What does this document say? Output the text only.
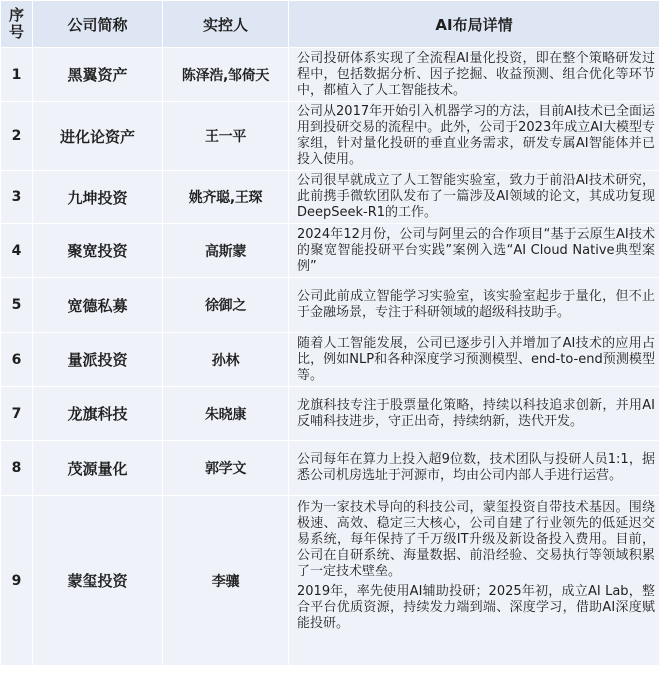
序号	公司简称	实控人	AI布局详情
1	黑翼资产	陈泽浩,邹倚天	公司投研体系实现了全流程AI量化投资，即在整个策略研发过程中，包括数据分析、因子挖掘、收益预测、组合优化等环节中，都植入了人工智能技术。
2	进化论资产	王一平	公司从2017年开始引入机器学习的方法，目前AI技术已全面运用到投研交易的流程中。此外，公司于2023年成立AI大模型专家组，针对量化投研的垂直业务需求，研发专属AI智能体并已投入使用。
3	九坤投资	姚齐聪,王琛	公司很早就成立了人工智能实验室，致力于前沿AI技术研究，此前携手微软团队发布了一篇涉及AI领域的论文，其成功复现DeepSeek-R1的工作。
4	聚宽投资	高斯蒙	2024年12月份，公司与阿里云的合作项目“基于云原生AI技术的聚宽智能投研平台实践”案例入选“AI Cloud Native典型案例”
5	宽德私募	徐御之	公司此前成立智能学习实验室，该实验室起步于量化，但不止于金融场景，专注于科研领域的超级科技助手。
6	量派投资	孙林	随着人工智能发展，公司已逐步引入并增加了AI技术的应用占比，例如NLP和各种深度学习预测模型、end-to-end预测模型等。
7	龙旗科技	朱晓康	龙旗科技专注于股票量化策略，持续以科技追求创新，并用AI反哺科技进步，守正出奇，持续纳新，迭代开发。
8	茂源量化	郭学文	公司每年在算力上投入超9位数，技术团队与投研人员1:1，据悉公司机房选址于河源市，均由公司内部人手进行运营。
9	蒙玺投资	李骧	作为一家技术导向的科技公司，蒙玺投资自带技术基因。围绕极速、高效、稳定三大核心，公司自建了行业领先的低延迟交易系统，每年保持了千万级IT升级及新设备投入费用。目前，公司在自研系统、海量数据、前沿经验、交易执行等领域积累了一定技术壁垒。

2019年，率先使用AI辅助投研；2025年初，成立AI Lab，整合平台优质资源，持续发力端到端、深度学习，借助AI深度赋能投研。
